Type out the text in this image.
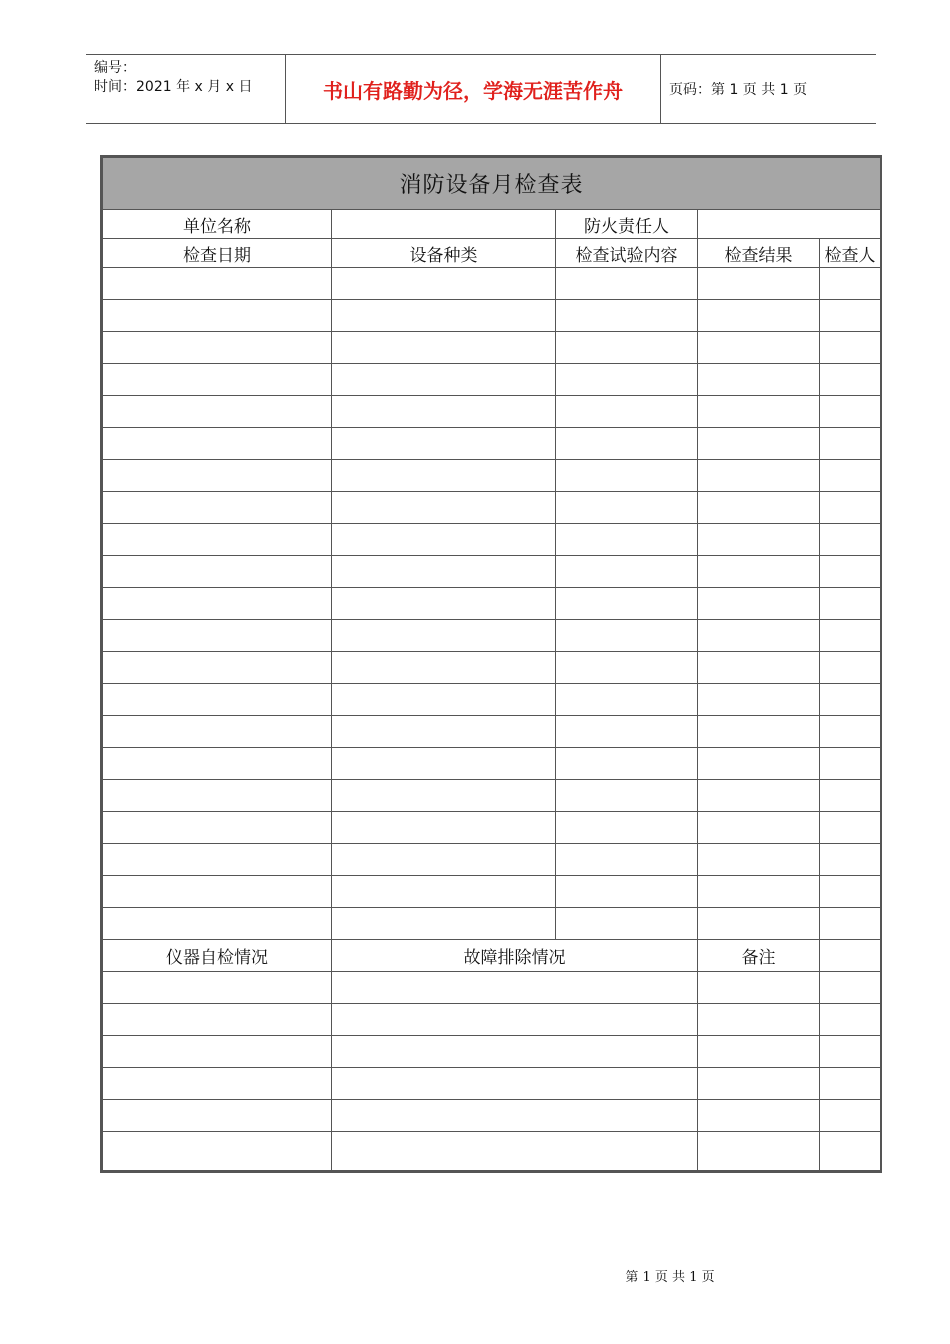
编号：
时间：2021 年 x 月 x 日	书山有路勤为径，学海无涯苦作舟	页码：第 1 页 共 1 页
消防设备月检查表				
单位名称		防火责任人		
检查日期	设备种类	检查试验内容	检查结果	检查人

仪器自检情况	故障排除情况		备注	

第 1 页 共 1 页
